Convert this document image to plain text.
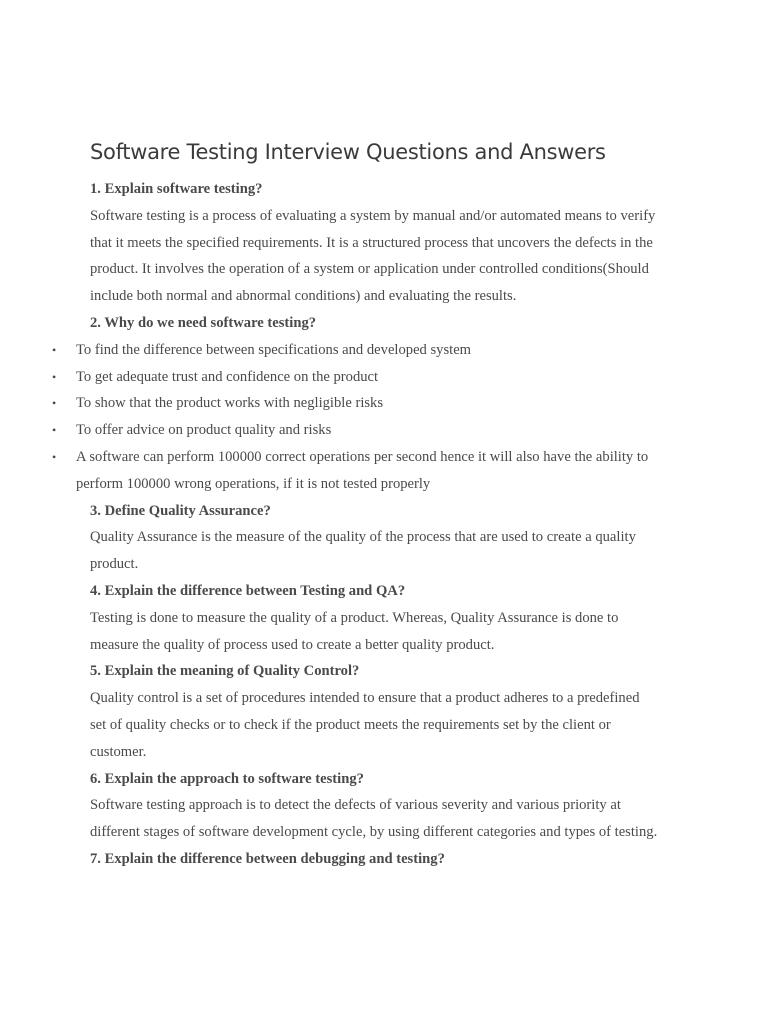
Software Testing Interview Questions and Answers
1. Explain software testing?
Software testing is a process of evaluating a system by manual and/or automated means to verify
that it meets the specified requirements. It is a structured process that uncovers the defects in the
product. It involves the operation of a system or application under controlled conditions(Should
include both normal and abnormal conditions) and evaluating the results.
2. Why do we need software testing?
• To find the difference between specifications and developed system
• To get adequate trust and confidence on the product
• To show that the product works with negligible risks
• To offer advice on product quality and risks
• A software can perform 100000 correct operations per second hence it will also have the ability to
perform 100000 wrong operations, if it is not tested properly
3. Define Quality Assurance?
Quality Assurance is the measure of the quality of the process that are used to create a quality
product.
4. Explain the difference between Testing and QA?
Testing is done to measure the quality of a product. Whereas, Quality Assurance is done to
measure the quality of process used to create a better quality product.
5. Explain the meaning of Quality Control?
Quality control is a set of procedures intended to ensure that a product adheres to a predefined
set of quality checks or to check if the product meets the requirements set by the client or
customer.
6. Explain the approach to software testing?
Software testing approach is to detect the defects of various severity and various priority at
different stages of software development cycle, by using different categories and types of testing.
7. Explain the difference between debugging and testing?
